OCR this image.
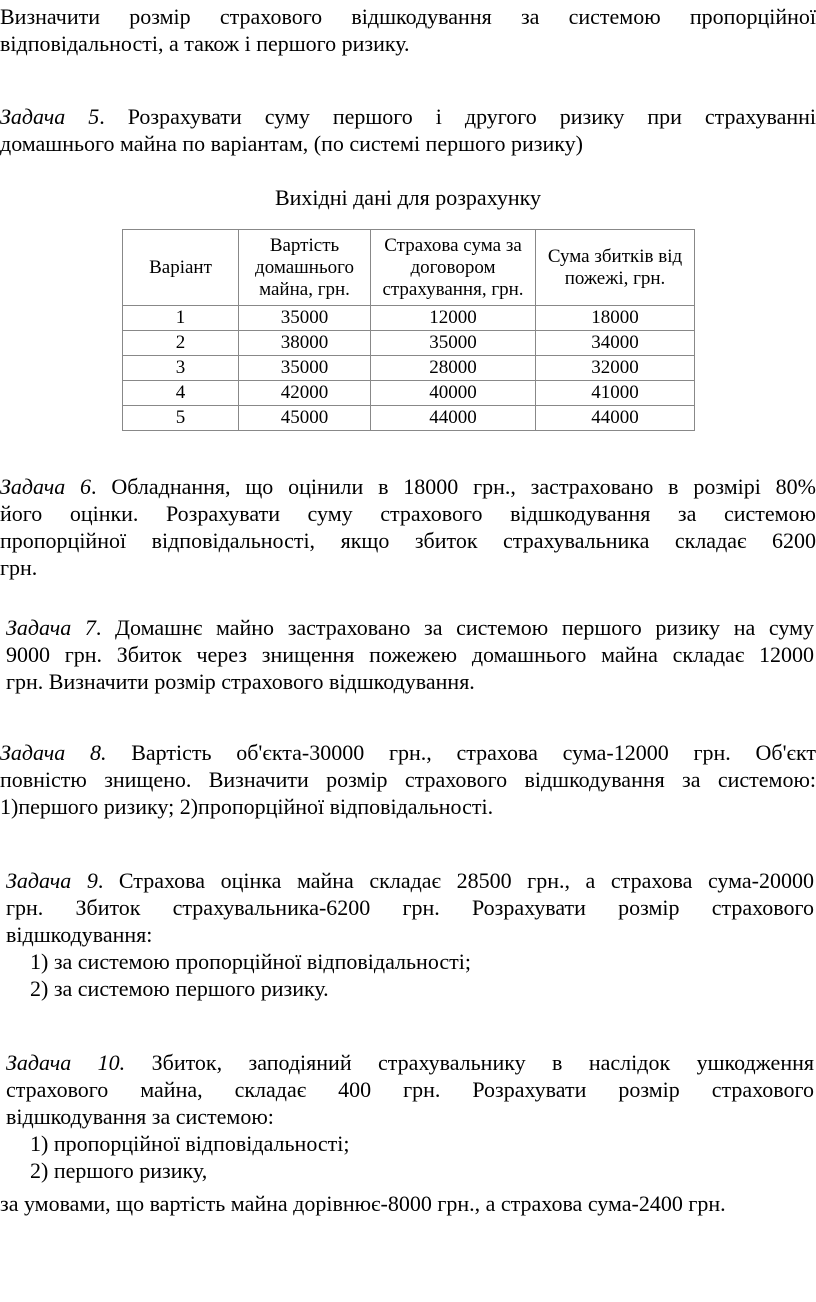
Визначити розмір страхового відшкодування за системою пропорційної
відповідальності, а також і першого ризику.
Задача 5. Розрахувати суму першого і другого ризику при страхуванні
домашнього майна по варіантам, (по системі першого ризику)
Вихідні дані для розрахунку
Варіант	Вартість домашнього майна, грн.	Страхова сума за договором страхування, грн.	Сума збитків від пожежі, грн.
1	35000	12000	18000
2	38000	35000	34000
3	35000	28000	32000
4	42000	40000	41000
5	45000	44000	44000
Задача 6. Обладнання, що оцінили в 18000 грн., застраховано в розмірі 80%
його оцінки. Розрахувати суму страхового відшкодування за системою
пропорційної відповідальності, якщо збиток страхувальника складає 6200
грн.
Задача 7. Домашнє майно застраховано за системою першого ризику на суму
9000 грн. Збиток через знищення пожежею домашнього майна складає 12000
грн. Визначити розмір страхового відшкодування.
Задача 8. Вартість об'єкта-30000 грн., страхова сума-12000 грн. Об'єкт
повністю знищено. Визначити розмір страхового відшкодування за системою:
1)першого ризику; 2)пропорційної відповідальності.
Задача 9. Страхова оцінка майна складає 28500 грн., а страхова сума-20000
грн. Збиток страхувальника-6200 грн. Розрахувати розмір страхового
відшкодування:
1) за системою пропорційної відповідальності;
2) за системою першого ризику.
Задача 10. Збиток, заподіяний страхувальнику в наслідок ушкодження
страхового майна, складає 400 грн. Розрахувати розмір страхового
відшкодування за системою:
1) пропорційної відповідальності;
2) першого ризику,
за умовами, що вартість майна дорівнює-8000 грн., а страхова сума-2400 грн.
